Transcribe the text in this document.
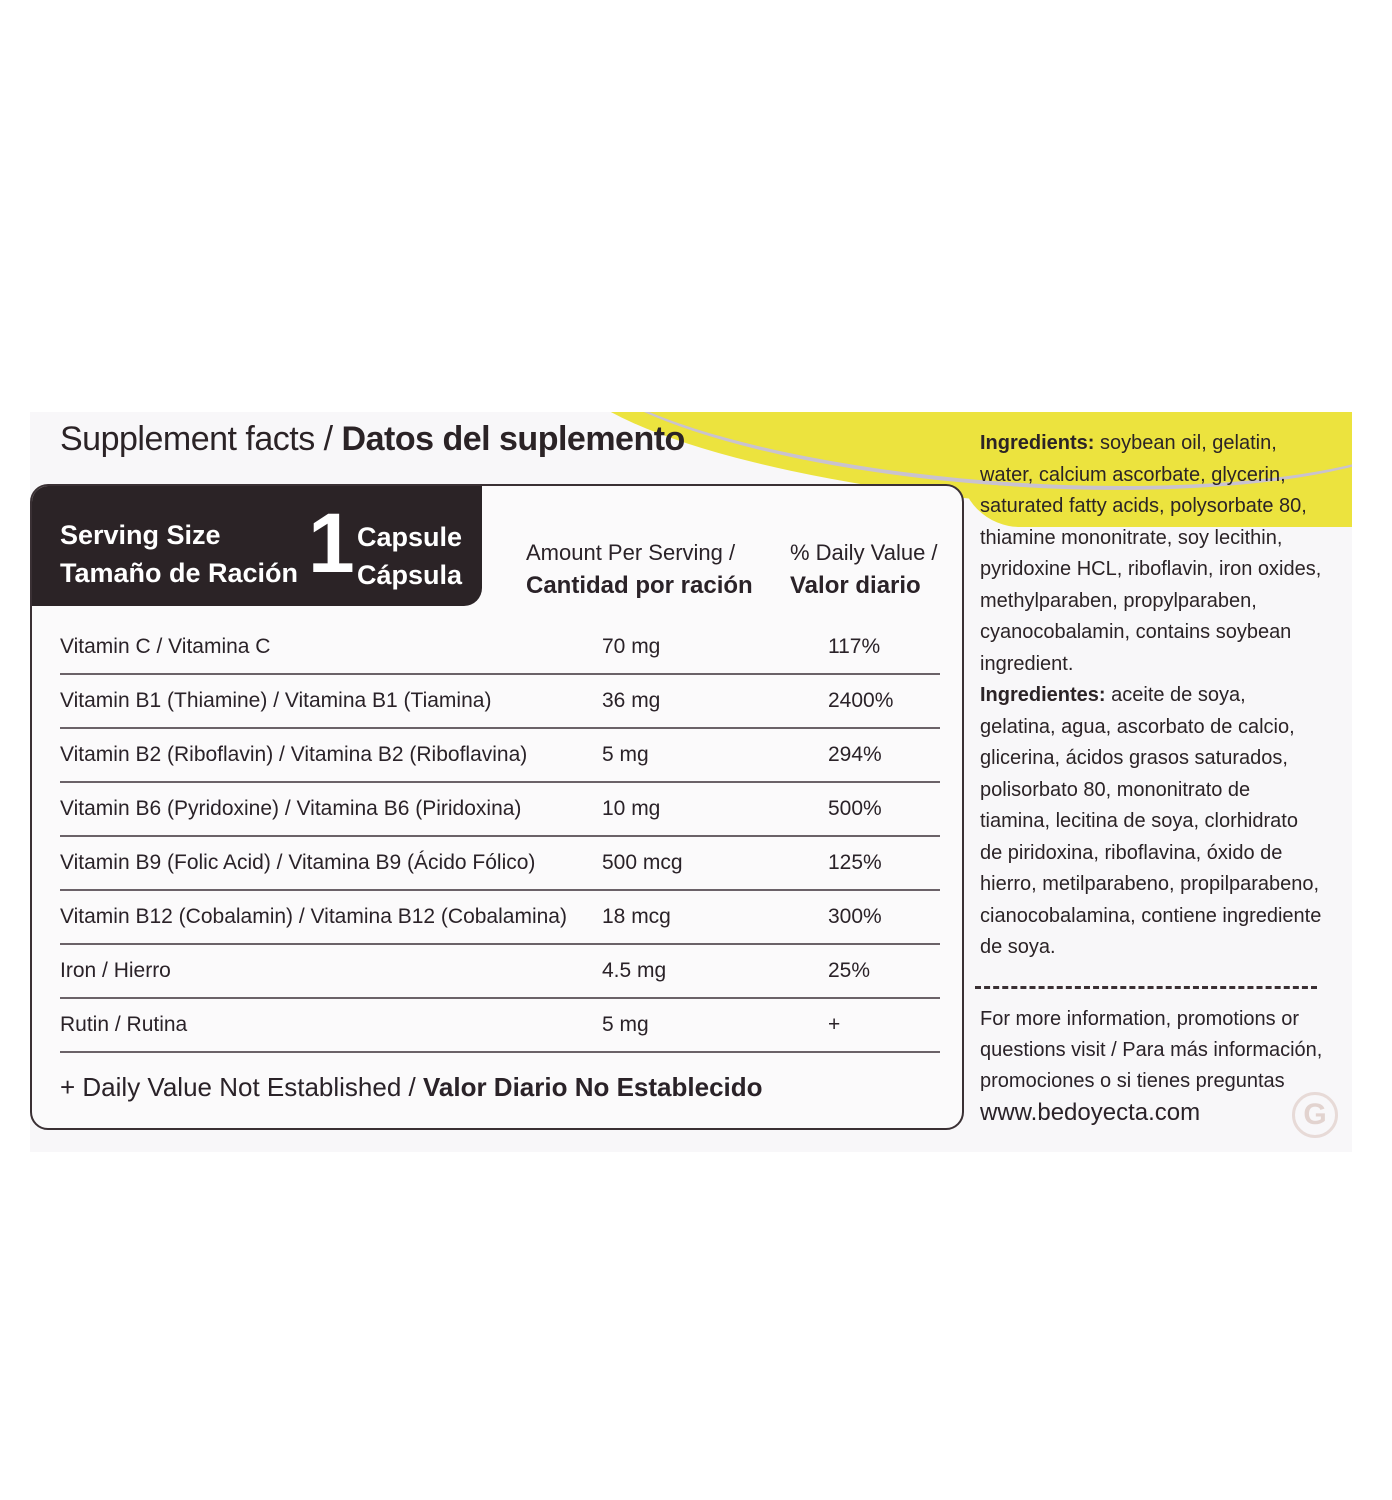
Supplement facts / Datos del suplemento
Serving Size
Tamaño de Ración 1 Capsule
Cápsula
Amount Per Serving /
Cantidad por ración
% Daily Value /
Valor diario
Vitamin C / Vitamina C	70 mg	117%
Vitamin B1 (Thiamine) / Vitamina B1 (Tiamina)	36 mg	2400%
Vitamin B2 (Riboflavin) / Vitamina B2 (Riboflavina)	5 mg	294%
Vitamin B6 (Pyridoxine) / Vitamina B6 (Piridoxina)	10 mg	500%
Vitamin B9 (Folic Acid) / Vitamina B9 (Ácido Fólico)	500 mcg	125%
Vitamin B12 (Cobalamin) / Vitamina B12 (Cobalamina) 18 mcg	300%
Iron / Hierro	4.5 mg	25%
Rutin / Rutina	5 mg	+
+ Daily Value Not Established / Valor Diario No Establecido

Ingredients: soybean oil, gelatin, water, calcium ascorbate, glycerin, saturated fatty acids, polysorbate 80, thiamine mononitrate, soy lecithin, pyridoxine HCL, riboflavin, iron oxides, methylparaben, propylparaben, cyanocobalamin, contains soybean ingredient.

Ingredientes: aceite de soya, gelatina, agua, ascorbato de calcio, glicerina, ácidos grasos saturados, polisorbato 80, mononitrato de tiamina, lecitina de soya, clorhidrato de piridoxina, riboflavina, óxido de hierro, metilparabeno, propilparabeno, cianocobalamina, contiene ingrediente de soya.

For more information, promotions or questions visit / Para más información, promociones o si tienes preguntas www.bedoyecta.com	G
